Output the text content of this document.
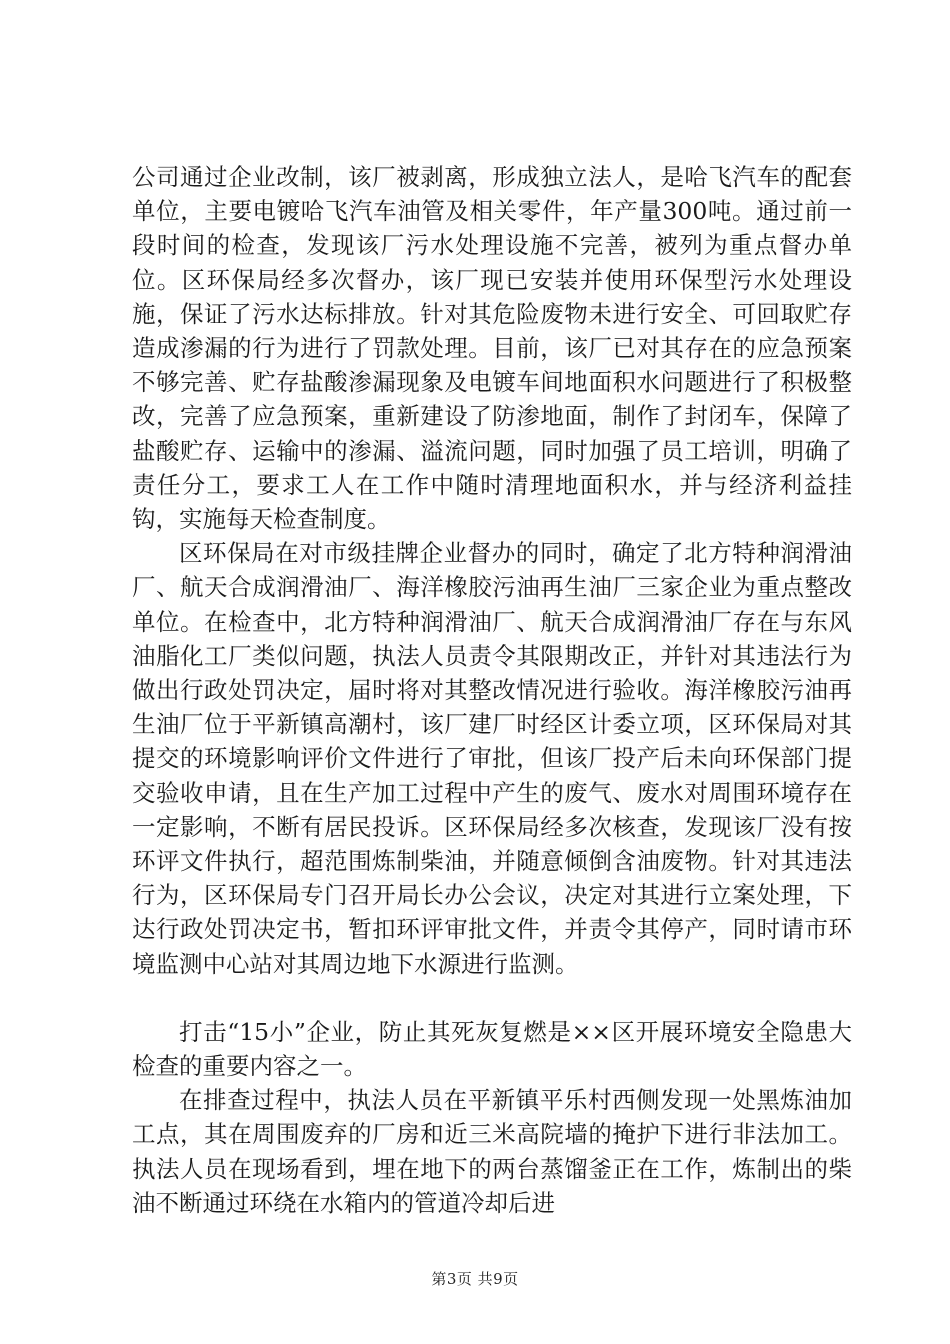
公司通过企业改制，该厂被剥离，形成独立法人，是哈飞汽车的配套单位，主要电镀哈飞汽车油管及相关零件，年产量300吨。通过前一段时间的检查，发现该厂污水处理设施不完善，被列为重点督办单位。区环保局经多次督办，该厂现已安装并使用环保型污水处理设施，保证了污水达标排放。针对其危险废物未进行安全、可回取贮存造成渗漏的行为进行了罚款处理。目前，该厂已对其存在的应急预案不够完善、贮存盐酸渗漏现象及电镀车间地面积水问题进行了积极整改，完善了应急预案，重新建设了防渗地面，制作了封闭车，保障了盐酸贮存、运输中的渗漏、溢流问题，同时加强了员工培训，明确了责任分工，要求工人在工作中随时清理地面积水，并与经济利益挂钩，实施每天检查制度。

区环保局在对市级挂牌企业督办的同时，确定了北方特种润滑油厂、航天合成润滑油厂、海洋橡胶污油再生油厂三家企业为重点整改单位。在检查中，北方特种润滑油厂、航天合成润滑油厂存在与东风油脂化工厂类似问题，执法人员责令其限期改正，并针对其违法行为做出行政处罚决定，届时将对其整改情况进行验收。海洋橡胶污油再生油厂位于平新镇高潮村，该厂建厂时经区计委立项，区环保局对其提交的环境影响评价文件进行了审批，但该厂投产后未向环保部门提交验收申请，且在生产加工过程中产生的废气、废水对周围环境存在一定影响，不断有居民投诉。区环保局经多次核查，发现该厂没有按环评文件执行，超范围炼制柴油，并随意倾倒含油废物。针对其违法行为，区环保局专门召开局长办公会议，决定对其进行立案处理，下达行政处罚决定书，暂扣环评审批文件，并责令其停产，同时请市环境监测中心站对其周边地下水源进行监测。

打击“15小”企业，防止其死灰复燃是××区开展环境安全隐患大检查的重要内容之一。

在排查过程中，执法人员在平新镇平乐村西侧发现一处黑炼油加工点，其在周围废弃的厂房和近三米高院墙的掩护下进行非法加工。执法人员在现场看到，埋在地下的两台蒸馏釜正在工作，炼制出的柴油不断通过环绕在水箱内的管道冷却后进

第3页 共9页
